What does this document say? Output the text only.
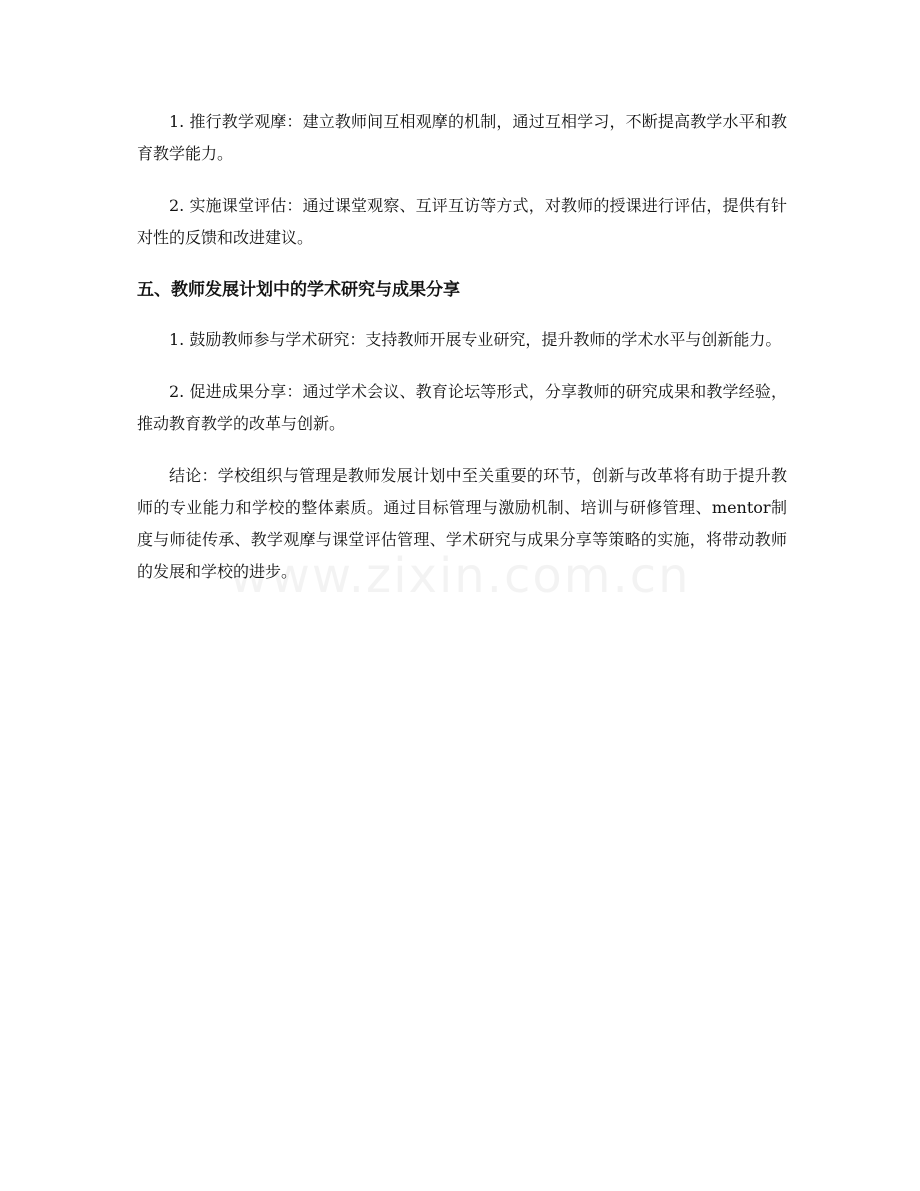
1. 推行教学观摩：建立教师间互相观摩的机制，通过互相学习，不断提高教学水平和教育教学能力。

2. 实施课堂评估：通过课堂观察、互评互访等方式，对教师的授课进行评估，提供有针对性的反馈和改进建议。

五、教师发展计划中的学术研究与成果分享

1. 鼓励教师参与学术研究：支持教师开展专业研究，提升教师的学术水平与创新能力。

2. 促进成果分享：通过学术会议、教育论坛等形式，分享教师的研究成果和教学经验，推动教育教学的改革与创新。

结论：学校组织与管理是教师发展计划中至关重要的环节，创新与改革将有助于提升教师的专业能力和学校的整体素质。通过目标管理与激励机制、培训与研修管理、mentor制度与师徒传承、教学观摩与课堂评估管理、学术研究与成果分享等策略的实施，将带动教师的发展和学校的进步。
